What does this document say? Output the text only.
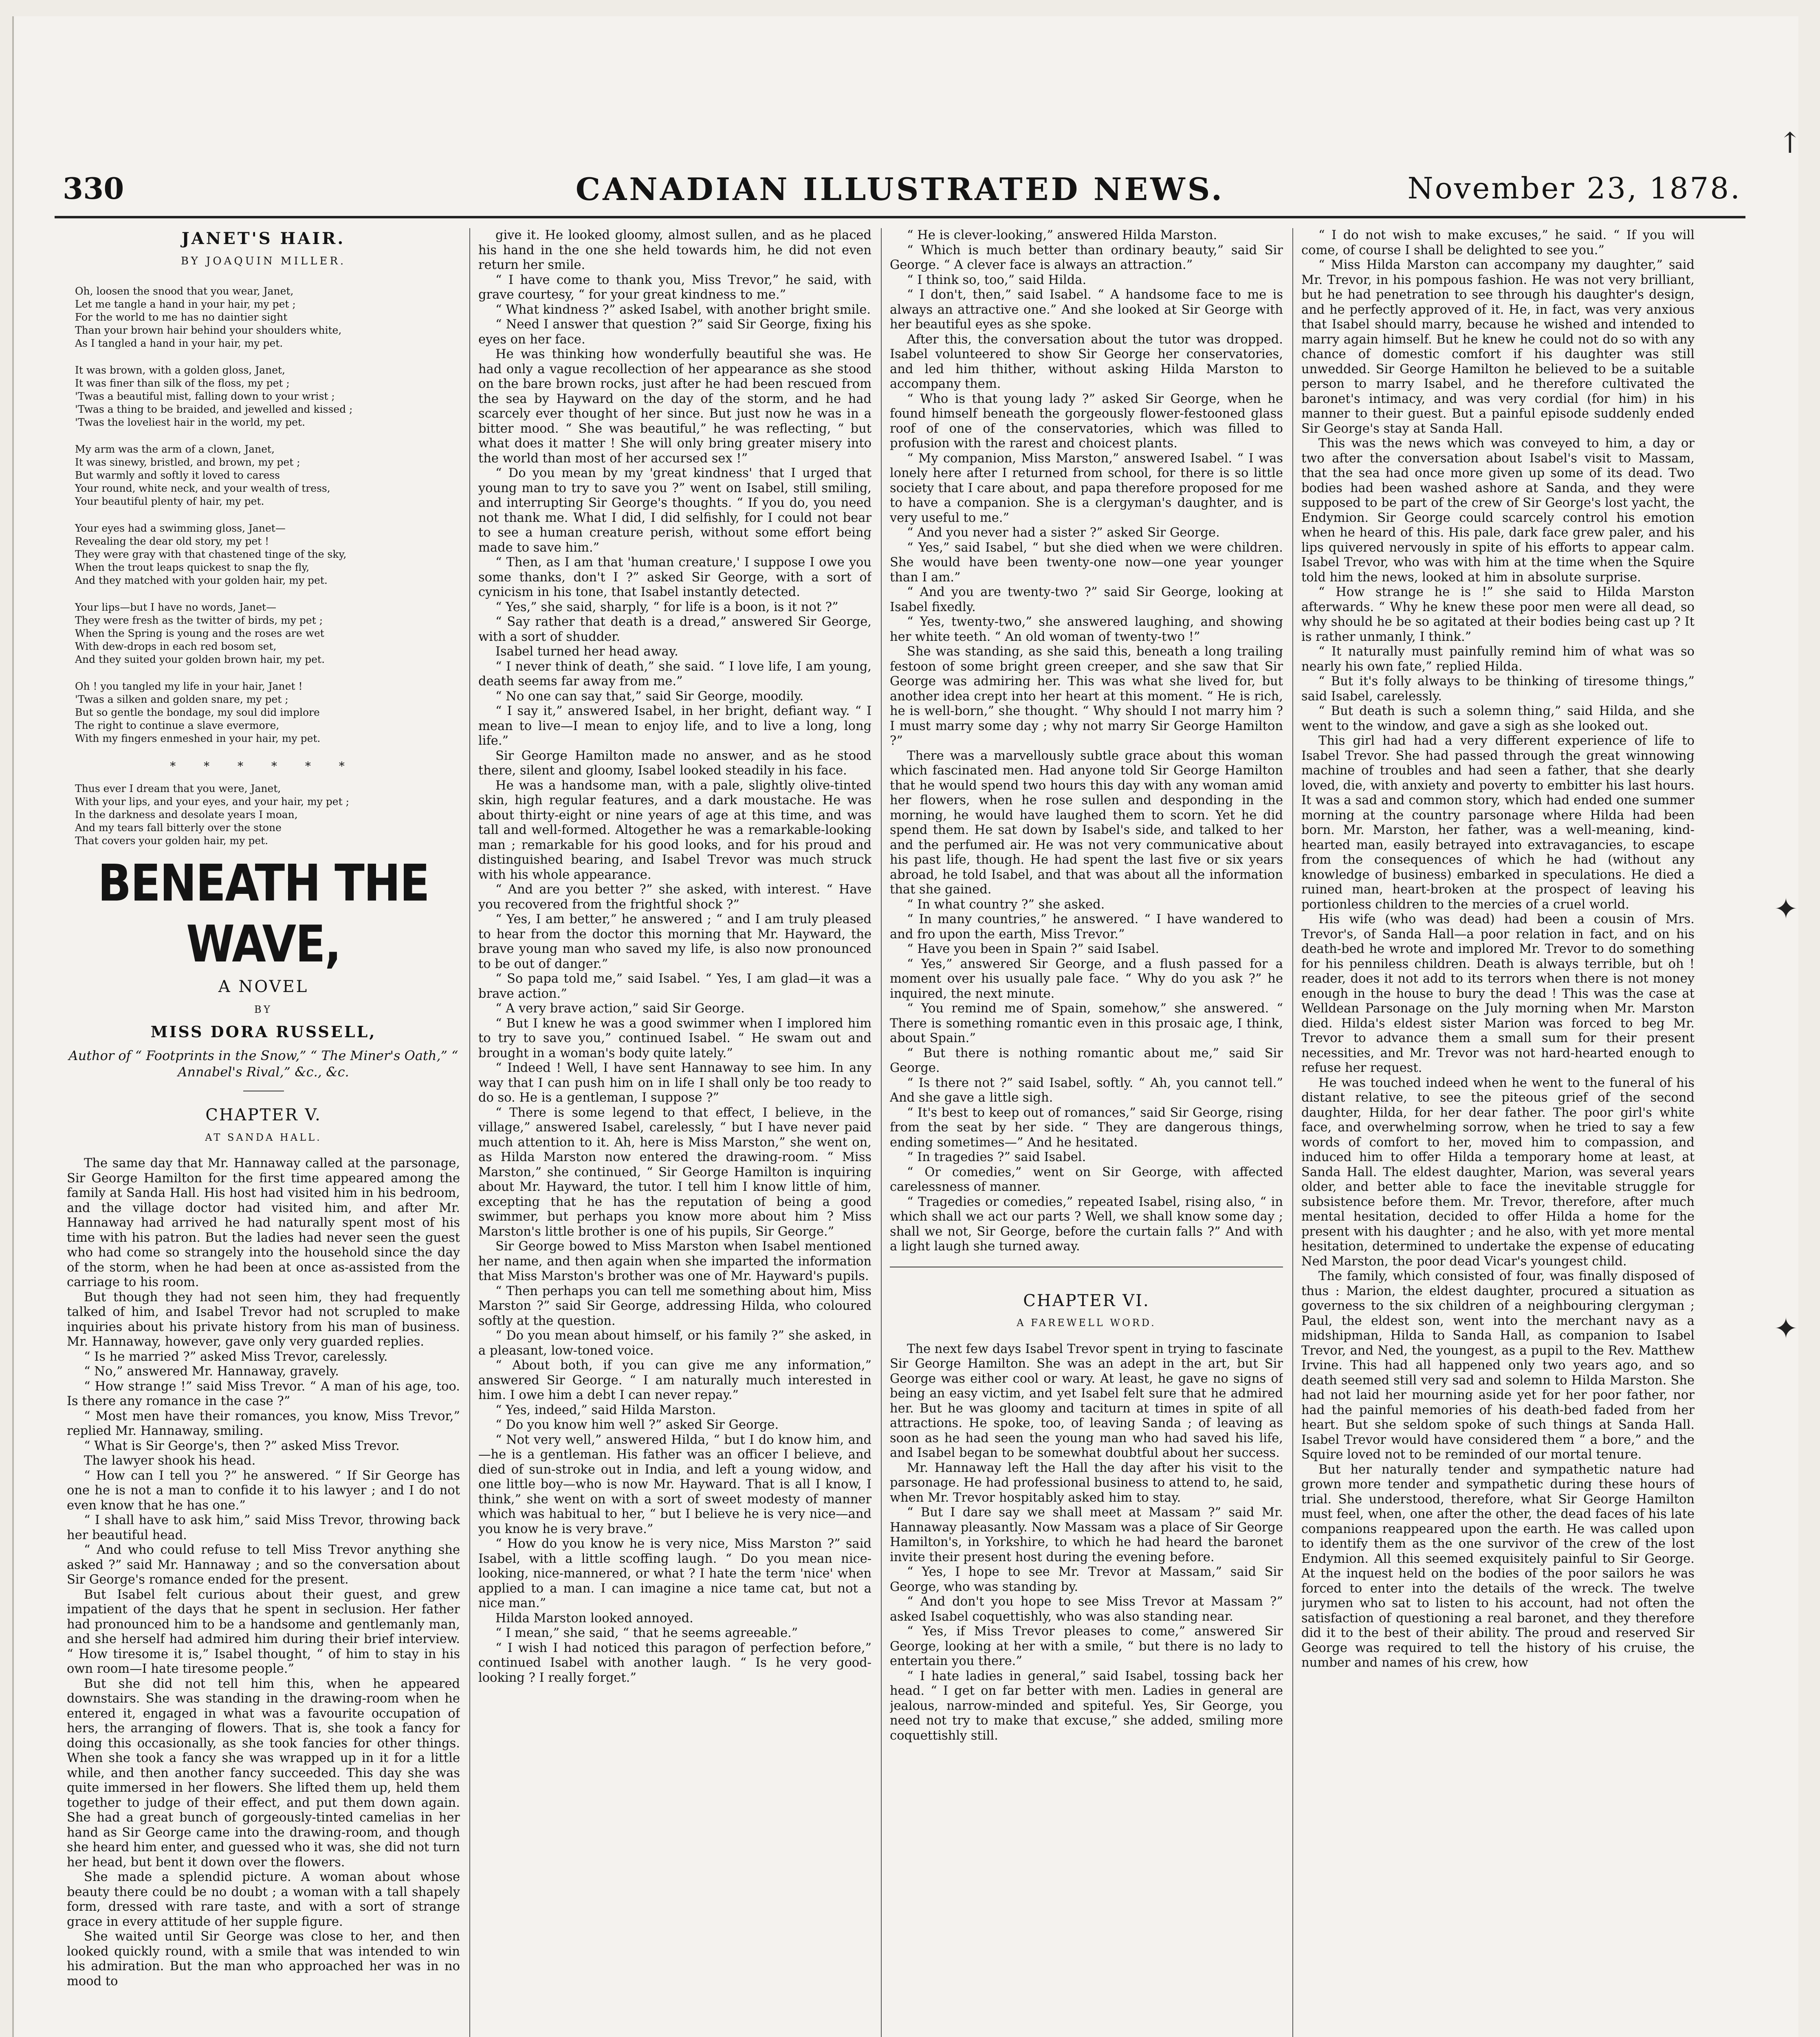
330	CANADIAN ILLUSTRATED NEWS.	November 23, 1878.
JANET'S HAIR.
BY JOAQUIN MILLER.
Oh, loosen the snood that you wear, Janet,
Let me tangle a hand in your hair, my pet ;
For the world to me has no daintier sight
Than your brown hair behind your shoulders white,
As I tangled a hand in your hair, my pet.
It was brown, with a golden gloss, Janet,
It was finer than silk of the floss, my pet ;
'Twas a beautiful mist, falling down to your wrist ;
'Twas a thing to be braided, and jewelled and kissed ;
'Twas the loveliest hair in the world, my pet.
My arm was the arm of a clown, Janet,
It was sinewy, bristled, and brown, my pet ;
But warmly and softly it loved to caress
Your round, white neck, and your wealth of tress,
Your beautiful plenty of hair, my pet.
Your eyes had a swimming gloss, Janet—
Revealing the dear old story, my pet !
They were gray with that chastened tinge of the sky,
When the trout leaps quickest to snap the fly,
And they matched with your golden hair, my pet.
Your lips—but I have no words, Janet—
They were fresh as the twitter of birds, my pet ;
When the Spring is young and the roses are wet
With dew-drops in each red bosom set,
And they suited your golden brown hair, my pet.
Oh ! you tangled my life in your hair, Janet !
'Twas a silken and golden snare, my pet ;
But so gentle the bondage, my soul did implore
The right to continue a slave evermore,
With my fingers enmeshed in your hair, my pet.
* * * * * *
Thus ever I dream that you were, Janet,
With your lips, and your eyes, and your hair, my pet ;
In the darkness and desolate years I moan,
And my tears fall bitterly over the stone
That covers your golden hair, my pet.
BENEATH THE WAVE,
A NOVEL
BY
MISS DORA RUSSELL,
Author of “ Footprints in the Snow,” “ The Miner's Oath,” “ Annabel's Rival,” &c., &c.
CHAPTER V.
AT SANDA HALL.

The same day that Mr. Hannaway called at the parsonage, Sir George Hamilton for the first time appeared among the family at Sanda Hall. His host had visited him in his bedroom, and the village doctor had visited him, and after Mr. Hannaway had arrived he had naturally spent most of his time with his patron. But the ladies had never seen the guest who had come so strangely into the household since the day of the storm, when he had been at once as-assisted from the carriage to his room.

But though they had not seen him, they had frequently talked of him, and Isabel Trevor had not scrupled to make inquiries about his private history from his man of business. Mr. Hannaway, however, gave only very guarded replies.

“ Is he married ?” asked Miss Trevor, carelessly.

“ No,” answered Mr. Hannaway, gravely.

“ How strange !” said Miss Trevor. “ A man of his age, too. Is there any romance in the case ?”

“ Most men have their romances, you know, Miss Trevor,” replied Mr. Hannaway, smiling.

“ What is Sir George's, then ?” asked Miss Trevor.

The lawyer shook his head.

“ How can I tell you ?” he answered. “ If Sir George has one he is not a man to confide it to his lawyer ; and I do not even know that he has one.”

“ I shall have to ask him,” said Miss Trevor, throwing back her beautiful head.

“ And who could refuse to tell Miss Trevor anything she asked ?” said Mr. Hannaway ; and so the conversation about Sir George's romance ended for the present.

But Isabel felt curious about their guest, and grew impatient of the days that he spent in seclusion. Her father had pronounced him to be a handsome and gentlemanly man, and she herself had admired him during their brief interview. “ How tiresome it is,” Isabel thought, “ of him to stay in his own room—I hate tiresome people.”

But she did not tell him this, when he appeared downstairs. She was standing in the drawing-room when he entered it, engaged in what was a favourite occupation of hers, the arranging of flowers. That is, she took a fancy for doing this occasionally, as she took fancies for other things. When she took a fancy she was wrapped up in it for a little while, and then another fancy succeeded. This day she was quite immersed in her flowers. She lifted them up, held them together to judge of their effect, and put them down again. She had a great bunch of gorgeously-tinted camelias in her hand as Sir George came into the drawing-room, and though she heard him enter, and guessed who it was, she did not turn her head, but bent it down over the flowers.

She made a splendid picture. A woman about whose beauty there could be no doubt ; a woman with a tall shapely form, dressed with rare taste, and with a sort of strange grace in every attitude of her supple figure.

She waited until Sir George was close to her, and then looked quickly round, with a smile that was intended to win his admiration. But the man who approached her was in no mood to

give it. He looked gloomy, almost sullen, and as he placed his hand in the one she held towards him, he did not even return her smile.

“ I have come to thank you, Miss Trevor,” he said, with grave courtesy, “ for your great kindness to me.”

“ What kindness ?” asked Isabel, with another bright smile.

“ Need I answer that question ?” said Sir George, fixing his eyes on her face.

He was thinking how wonderfully beautiful she was. He had only a vague recollection of her appearance as she stood on the bare brown rocks, just after he had been rescued from the sea by Hayward on the day of the storm, and he had scarcely ever thought of her since. But just now he was in a bitter mood. “ She was beautiful,” he was reflecting, “ but what does it matter ! She will only bring greater misery into the world than most of her accursed sex !”

“ Do you mean by my 'great kindness' that I urged that young man to try to save you ?” went on Isabel, still smiling, and interrupting Sir George's thoughts. “ If you do, you need not thank me. What I did, I did selfishly, for I could not bear to see a human creature perish, without some effort being made to save him.”

“ Then, as I am that 'human creature,' I suppose I owe you some thanks, don't I ?” asked Sir George, with a sort of cynicism in his tone, that Isabel instantly detected.

“ Yes,” she said, sharply, “ for life is a boon, is it not ?”

“ Say rather that death is a dread,” answered Sir George, with a sort of shudder.

Isabel turned her head away.

“ I never think of death,” she said. “ I love life, I am young, death seems far away from me.”

“ No one can say that,” said Sir George, moodily.

“ I say it,” answered Isabel, in her bright, defiant way. “ I mean to live—I mean to enjoy life, and to live a long, long life.”

Sir George Hamilton made no answer, and as he stood there, silent and gloomy, Isabel looked steadily in his face.

He was a handsome man, with a pale, slightly olive-tinted skin, high regular features, and a dark moustache. He was about thirty-eight or nine years of age at this time, and was tall and well-formed. Altogether he was a remarkable-looking man ; remarkable for his good looks, and for his proud and distinguished bearing, and Isabel Trevor was much struck with his whole appearance.

“ And are you better ?” she asked, with interest. “ Have you recovered from the frightful shock ?”

“ Yes, I am better,” he answered ; “ and I am truly pleased to hear from the doctor this morning that Mr. Hayward, the brave young man who saved my life, is also now pronounced to be out of danger.”

“ So papa told me,” said Isabel. “ Yes, I am glad—it was a brave action.”

“ A very brave action,” said Sir George.

“ But I knew he was a good swimmer when I implored him to try to save you,” continued Isabel. “ He swam out and brought in a woman's body quite lately.”

“ Indeed ! Well, I have sent Hannaway to see him. In any way that I can push him on in life I shall only be too ready to do so. He is a gentleman, I suppose ?”

“ There is some legend to that effect, I believe, in the village,” answered Isabel, carelessly, “ but I have never paid much attention to it. Ah, here is Miss Marston,” she went on, as Hilda Marston now entered the drawing-room. “ Miss Marston,” she continued, “ Sir George Hamilton is inquiring about Mr. Hayward, the tutor. I tell him I know little of him, excepting that he has the reputation of being a good swimmer, but perhaps you know more about him ? Miss Marston's little brother is one of his pupils, Sir George.”

Sir George bowed to Miss Marston when Isabel mentioned her name, and then again when she imparted the information that Miss Marston's brother was one of Mr. Hayward's pupils.

“ Then perhaps you can tell me something about him, Miss Marston ?” said Sir George, addressing Hilda, who coloured softly at the question.

“ Do you mean about himself, or his family ?” she asked, in a pleasant, low-toned voice.

“ About both, if you can give me any information,” answered Sir George. “ I am naturally much interested in him. I owe him a debt I can never repay.”

“ Yes, indeed,” said Hilda Marston.

“ Do you know him well ?” asked Sir George.

“ Not very well,” answered Hilda, “ but I do know him, and—he is a gentleman. His father was an officer I believe, and died of sun-stroke out in India, and left a young widow, and one little boy—who is now Mr. Hayward. That is all I know, I think,” she went on with a sort of sweet modesty of manner which was habitual to her, “ but I believe he is very nice—and you know he is very brave.”

“ How do you know he is very nice, Miss Marston ?” said Isabel, with a little scoffing laugh. “ Do you mean nice-looking, nice-mannered, or what ? I hate the term 'nice' when applied to a man. I can imagine a nice tame cat, but not a nice man.”

Hilda Marston looked annoyed.

“ I mean,” she said, “ that he seems agreeable.”

“ I wish I had noticed this paragon of perfection before,” continued Isabel with another laugh. “ Is he very good-looking ? I really forget.”

“ He is clever-looking,” answered Hilda Marston.

“ Which is much better than ordinary beauty,” said Sir George. “ A clever face is always an attraction.”

“ I think so, too,” said Hilda.

“ I don't, then,” said Isabel. “ A handsome face to me is always an attractive one.” And she looked at Sir George with her beautiful eyes as she spoke.

After this, the conversation about the tutor was dropped. Isabel volunteered to show Sir George her conservatories, and led him thither, without asking Hilda Marston to accompany them.

“ Who is that young lady ?” asked Sir George, when he found himself beneath the gorgeously flower-festooned glass roof of one of the conservatories, which was filled to profusion with the rarest and choicest plants.

“ My companion, Miss Marston,” answered Isabel. “ I was lonely here after I returned from school, for there is so little society that I care about, and papa therefore proposed for me to have a companion. She is a clergyman's daughter, and is very useful to me.”

“ And you never had a sister ?” asked Sir George.

“ Yes,” said Isabel, “ but she died when we were children. She would have been twenty-one now—one year younger than I am.”

“ And you are twenty-two ?” said Sir George, looking at Isabel fixedly.

“ Yes, twenty-two,” she answered laughing, and showing her white teeth. “ An old woman of twenty-two !”

She was standing, as she said this, beneath a long trailing festoon of some bright green creeper, and she saw that Sir George was admiring her. This was what she lived for, but another idea crept into her heart at this moment. “ He is rich, he is well-born,” she thought. “ Why should I not marry him ? I must marry some day ; why not marry Sir George Hamilton ?”

There was a marvellously subtle grace about this woman which fascinated men. Had anyone told Sir George Hamilton that he would spend two hours this day with any woman amid her flowers, when he rose sullen and desponding in the morning, he would have laughed them to scorn. Yet he did spend them. He sat down by Isabel's side, and talked to her and the perfumed air. He was not very communicative about his past life, though. He had spent the last five or six years abroad, he told Isabel, and that was about all the information that she gained.

“ In what country ?” she asked.

“ In many countries,” he answered. “ I have wandered to and fro upon the earth, Miss Trevor.”

“ Have you been in Spain ?” said Isabel.

“ Yes,” answered Sir George, and a flush passed for a moment over his usually pale face. “ Why do you ask ?” he inquired, the next minute.

“ You remind me of Spain, somehow,” she answered. “ There is something romantic even in this prosaic age, I think, about Spain.”

“ But there is nothing romantic about me,” said Sir George.

“ Is there not ?” said Isabel, softly. “ Ah, you cannot tell.” And she gave a little sigh.

“ It's best to keep out of romances,” said Sir George, rising from the seat by her side. “ They are dangerous things, ending sometimes—” And he hesitated.

“ In tragedies ?” said Isabel.

“ Or comedies,” went on Sir George, with affected carelessness of manner.

“ Tragedies or comedies,” repeated Isabel, rising also, “ in which shall we act our parts ? Well, we shall know some day ; shall we not, Sir George, before the curtain falls ?” And with a light laugh she turned away.

CHAPTER VI.
A FAREWELL WORD.

The next few days Isabel Trevor spent in trying to fascinate Sir George Hamilton. She was an adept in the art, but Sir George was either cool or wary. At least, he gave no signs of being an easy victim, and yet Isabel felt sure that he admired her. But he was gloomy and taciturn at times in spite of all attractions. He spoke, too, of leaving Sanda ; of leaving as soon as he had seen the young man who had saved his life, and Isabel began to be somewhat doubtful about her success.

Mr. Hannaway left the Hall the day after his visit to the parsonage. He had professional business to attend to, he said, when Mr. Trevor hospitably asked him to stay.

“ But I dare say we shall meet at Massam ?” said Mr. Hannaway pleasantly. Now Massam was a place of Sir George Hamilton's, in Yorkshire, to which he had heard the baronet invite their present host during the evening before.

“ Yes, I hope to see Mr. Trevor at Massam,” said Sir George, who was standing by.

“ And don't you hope to see Miss Trevor at Massam ?” asked Isabel coquettishly, who was also standing near.

“ Yes, if Miss Trevor pleases to come,” answered Sir George, looking at her with a smile, “ but there is no lady to entertain you there.”

“ I hate ladies in general,” said Isabel, tossing back her head. “ I get on far better with men. Ladies in general are jealous, narrow-minded and spiteful. Yes, Sir George, you need not try to make that excuse,” she added, smiling more coquettishly still.

“ I do not wish to make excuses,” he said. “ If you will come, of course I shall be delighted to see you.”

“ Miss Hilda Marston can accompany my daughter,” said Mr. Trevor, in his pompous fashion. He was not very brilliant, but he had penetration to see through his daughter's design, and he perfectly approved of it. He, in fact, was very anxious that Isabel should marry, because he wished and intended to marry again himself. But he knew he could not do so with any chance of domestic comfort if his daughter was still unwedded. Sir George Hamilton he believed to be a suitable person to marry Isabel, and he therefore cultivated the baronet's intimacy, and was very cordial (for him) in his manner to their guest. But a painful episode suddenly ended Sir George's stay at Sanda Hall.

This was the news which was conveyed to him, a day or two after the conversation about Isabel's visit to Massam, that the sea had once more given up some of its dead. Two bodies had been washed ashore at Sanda, and they were supposed to be part of the crew of Sir George's lost yacht, the Endymion. Sir George could scarcely control his emotion when he heard of this. His pale, dark face grew paler, and his lips quivered nervously in spite of his efforts to appear calm. Isabel Trevor, who was with him at the time when the Squire told him the news, looked at him in absolute surprise.

“ How strange he is !” she said to Hilda Marston afterwards. “ Why he knew these poor men were all dead, so why should he be so agitated at their bodies being cast up ? It is rather unmanly, I think.”

“ It naturally must painfully remind him of what was so nearly his own fate,” replied Hilda.

“ But it's folly always to be thinking of tiresome things,” said Isabel, carelessly.

“ But death is such a solemn thing,” said Hilda, and she went to the window, and gave a sigh as she looked out.

This girl had had a very different experience of life to Isabel Trevor. She had passed through the great winnowing machine of troubles and had seen a father, that she dearly loved, die, with anxiety and poverty to embitter his last hours. It was a sad and common story, which had ended one summer morning at the country parsonage where Hilda had been born. Mr. Marston, her father, was a well-meaning, kind-hearted man, easily betrayed into extravagancies, to escape from the consequences of which he had (without any knowledge of business) embarked in speculations. He died a ruined man, heart-broken at the prospect of leaving his portionless children to the mercies of a cruel world.

His wife (who was dead) had been a cousin of Mrs. Trevor's, of Sanda Hall—a poor relation in fact, and on his death-bed he wrote and implored Mr. Trevor to do something for his penniless children. Death is always terrible, but oh ! reader, does it not add to its terrors when there is not money enough in the house to bury the dead ! This was the case at Welldean Parsonage on the July morning when Mr. Marston died. Hilda's eldest sister Marion was forced to beg Mr. Trevor to advance them a small sum for their present necessities, and Mr. Trevor was not hard-hearted enough to refuse her request.

He was touched indeed when he went to the funeral of his distant relative, to see the piteous grief of the second daughter, Hilda, for her dear father. The poor girl's white face, and overwhelming sorrow, when he tried to say a few words of comfort to her, moved him to compassion, and induced him to offer Hilda a temporary home at least, at Sanda Hall. The eldest daughter, Marion, was several years older, and better able to face the inevitable struggle for subsistence before them. Mr. Trevor, therefore, after much mental hesitation, decided to offer Hilda a home for the present with his daughter ; and he also, with yet more mental hesitation, determined to undertake the expense of educating Ned Marston, the poor dead Vicar's youngest child.

The family, which consisted of four, was finally disposed of thus : Marion, the eldest daughter, procured a situation as governess to the six children of a neighbouring clergyman ; Paul, the eldest son, went into the merchant navy as a midshipman, Hilda to Sanda Hall, as companion to Isabel Trevor, and Ned, the youngest, as a pupil to the Rev. Matthew Irvine. This had all happened only two years ago, and so death seemed still very sad and solemn to Hilda Marston. She had not laid her mourning aside yet for her poor father, nor had the painful memories of his death-bed faded from her heart. But she seldom spoke of such things at Sanda Hall. Isabel Trevor would have considered them “ a bore,” and the Squire loved not to be reminded of our mortal tenure.

But her naturally tender and sympathetic nature had grown more tender and sympathetic during these hours of trial. She understood, therefore, what Sir George Hamilton must feel, when, one after the other, the dead faces of his late companions reappeared upon the earth. He was called upon to identify them as the one survivor of the crew of the lost Endymion. All this seemed exquisitely painful to Sir George. At the inquest held on the bodies of the poor sailors he was forced to enter into the details of the wreck. The twelve jurymen who sat to listen to his account, had not often the satisfaction of questioning a real baronet, and they therefore did it to the best of their ability. The proud and reserved Sir George was required to tell the history of his cruise, the number and names of his crew, how

↑
✦
✦
